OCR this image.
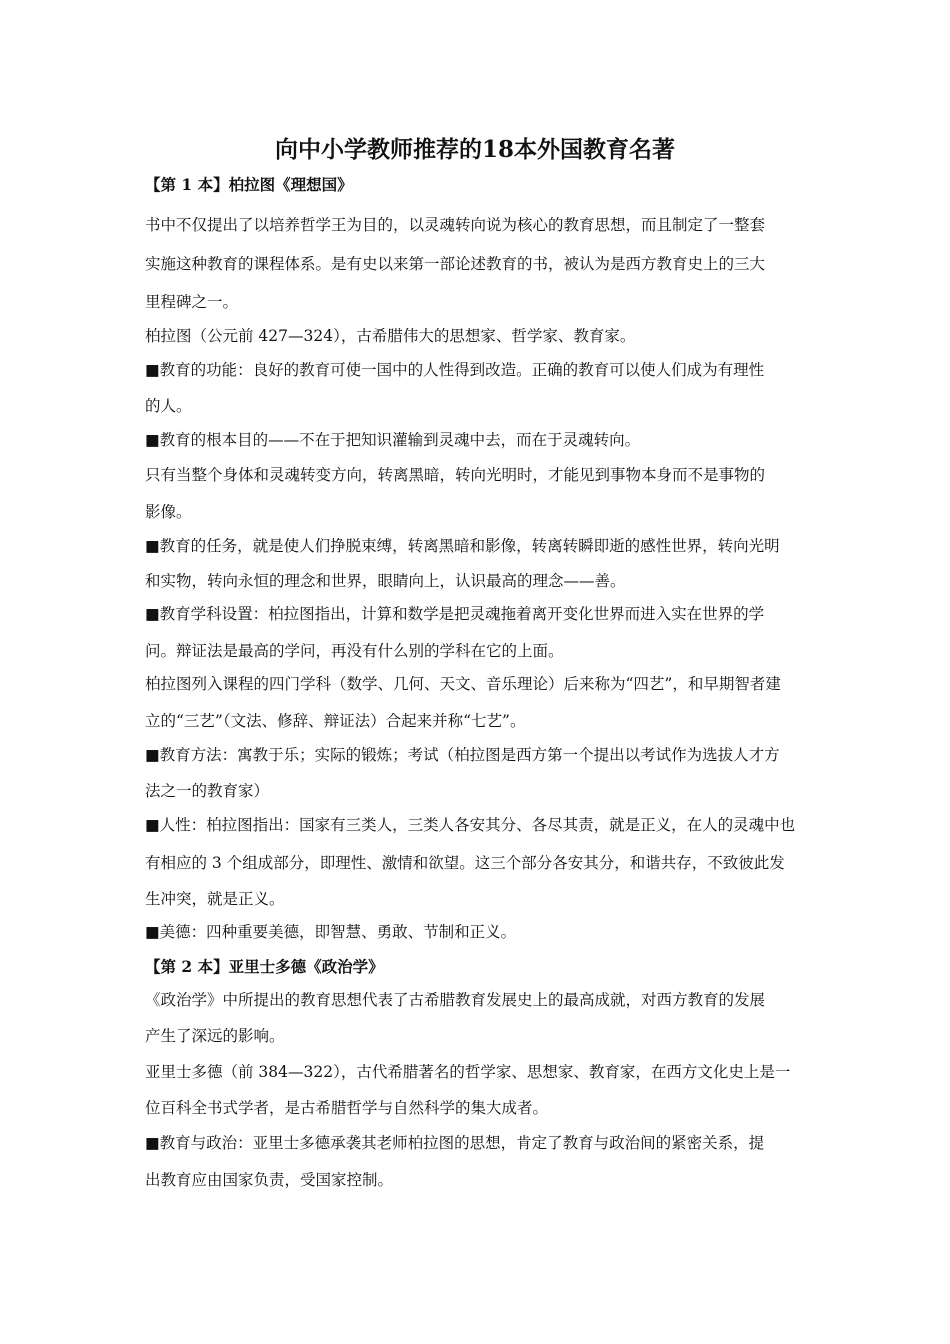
向中小学教师推荐的18本外国教育名著

【第 1 本】柏拉图《理想国》

书中不仅提出了以培养哲学王为目的，以灵魂转向说为核心的教育思想，而且制定了一整套

实施这种教育的课程体系。是有史以来第一部论述教育的书，被认为是西方教育史上的三大

里程碑之一。

柏拉图（公元前 427—324），古希腊伟大的思想家、哲学家、教育家。

■教育的功能：良好的教育可使一国中的人性得到改造。正确的教育可以使人们成为有理性

的人。

■教育的根本目的——不在于把知识灌输到灵魂中去，而在于灵魂转向。

只有当整个身体和灵魂转变方向，转离黑暗，转向光明时，才能见到事物本身而不是事物的

影像。

■教育的任务，就是使人们挣脱束缚，转离黑暗和影像，转离转瞬即逝的感性世界，转向光明

和实物，转向永恒的理念和世界，眼睛向上，认识最高的理念——善。

■教育学科设置：柏拉图指出，计算和数学是把灵魂拖着离开变化世界而进入实在世界的学

问。辩证法是最高的学问，再没有什么别的学科在它的上面。

柏拉图列入课程的四门学科（数学、几何、天文、音乐理论）后来称为“四艺”，和早期智者建

立的“三艺”（文法、修辞、辩证法）合起来并称“七艺”。

■教育方法：寓教于乐；实际的锻炼；考试（柏拉图是西方第一个提出以考试作为选拔人才方

法之一的教育家）

■人性：柏拉图指出：国家有三类人，三类人各安其分、各尽其责，就是正义，在人的灵魂中也

有相应的 3 个组成部分，即理性、激情和欲望。这三个部分各安其分，和谐共存，不致彼此发

生冲突，就是正义。

■美德：四种重要美德，即智慧、勇敢、节制和正义。

【第 2 本】亚里士多德《政治学》

《政治学》中所提出的教育思想代表了古希腊教育发展史上的最高成就，对西方教育的发展

产生了深远的影响。

亚里士多德（前 384—322），古代希腊著名的哲学家、思想家、教育家，在西方文化史上是一

位百科全书式学者，是古希腊哲学与自然科学的集大成者。

■教育与政治：亚里士多德承袭其老师柏拉图的思想，肯定了教育与政治间的紧密关系，提

出教育应由国家负责，受国家控制。
